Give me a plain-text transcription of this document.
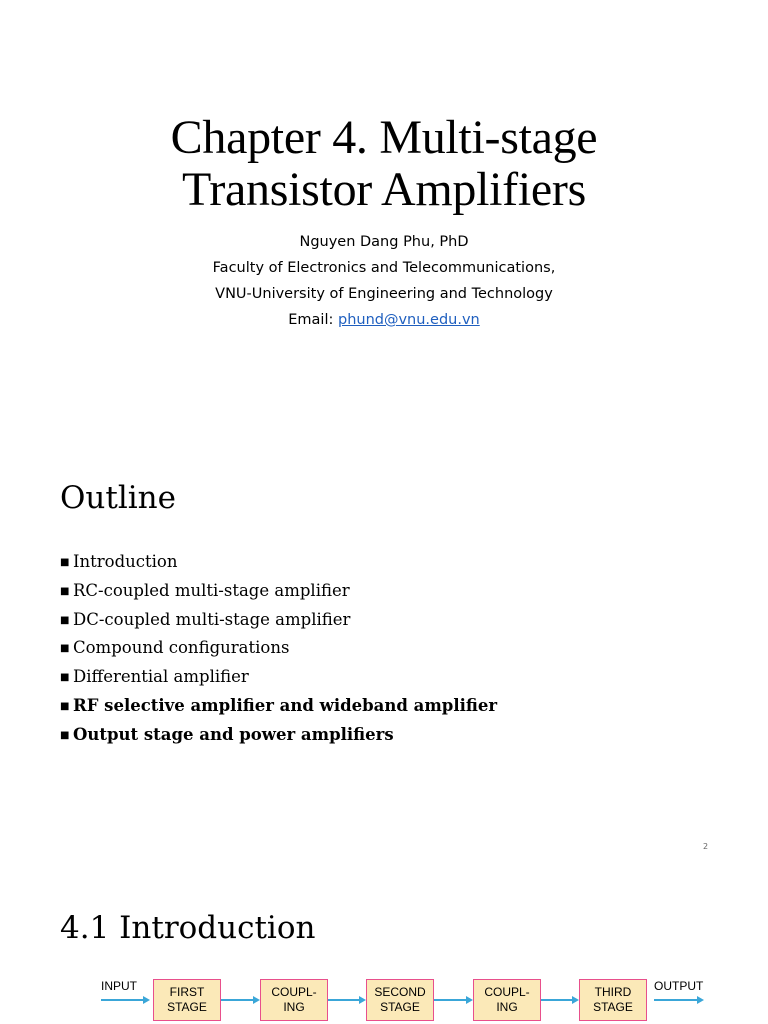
Chapter 4. Multi-stage
Transistor Amplifiers
Nguyen Dang Phu, PhD
Faculty of Electronics and Telecommunications,
VNU-University of Engineering and Technology
Email: phund@vnu.edu.vn
Outline
■ Introduction
■ RC-coupled multi-stage amplifier
■ DC-coupled multi-stage amplifier
■ Compound configurations
■ Differential amplifier
■ RF selective amplifier and wideband amplifier
■ Output stage and power amplifiers
2
4.1 Introduction
INPUT	FIRST
STAGE
COUPL-
ING
SECOND
STAGE
COUPL-
ING
THIRD
STAGE
OUTPUT
